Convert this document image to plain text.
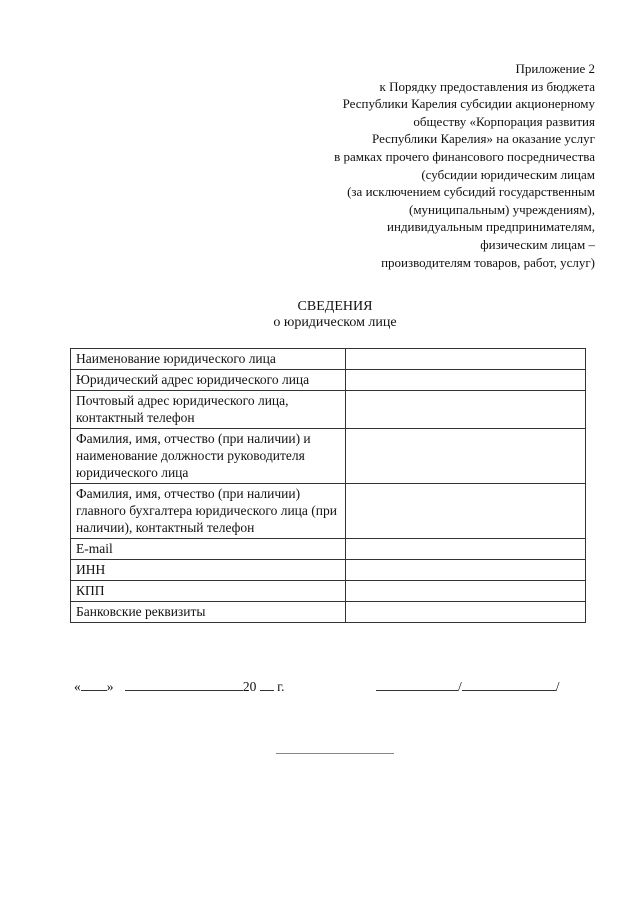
Приложение 2
к Порядку предоставления из бюджета
Республики Карелия субсидии акционерному
обществу «Корпорация развития
Республики Карелия» на оказание услуг
в рамках прочего финансового посредничества
(субсидии юридическим лицам
(за исключением субсидий государственным
(муниципальным) учреждениям),
индивидуальным предпринимателям,
физическим лицам –
производителям товаров, работ, услуг)
СВЕДЕНИЯ
о юридическом лице
Наименование юридического лица	
Юридический адрес юридического лица	
Почтовый адрес юридического лица, контактный телефон	
Фамилия, имя, отчество (при наличии) и наименование должности руководителя юридического лица	
Фамилия, имя, отчество (при наличии) главного бухгалтера юридического лица (при наличии), контактный телефон	
E-mail	
ИНН	
КПП	
Банковские реквизиты	
« »	20 г.	/	/
